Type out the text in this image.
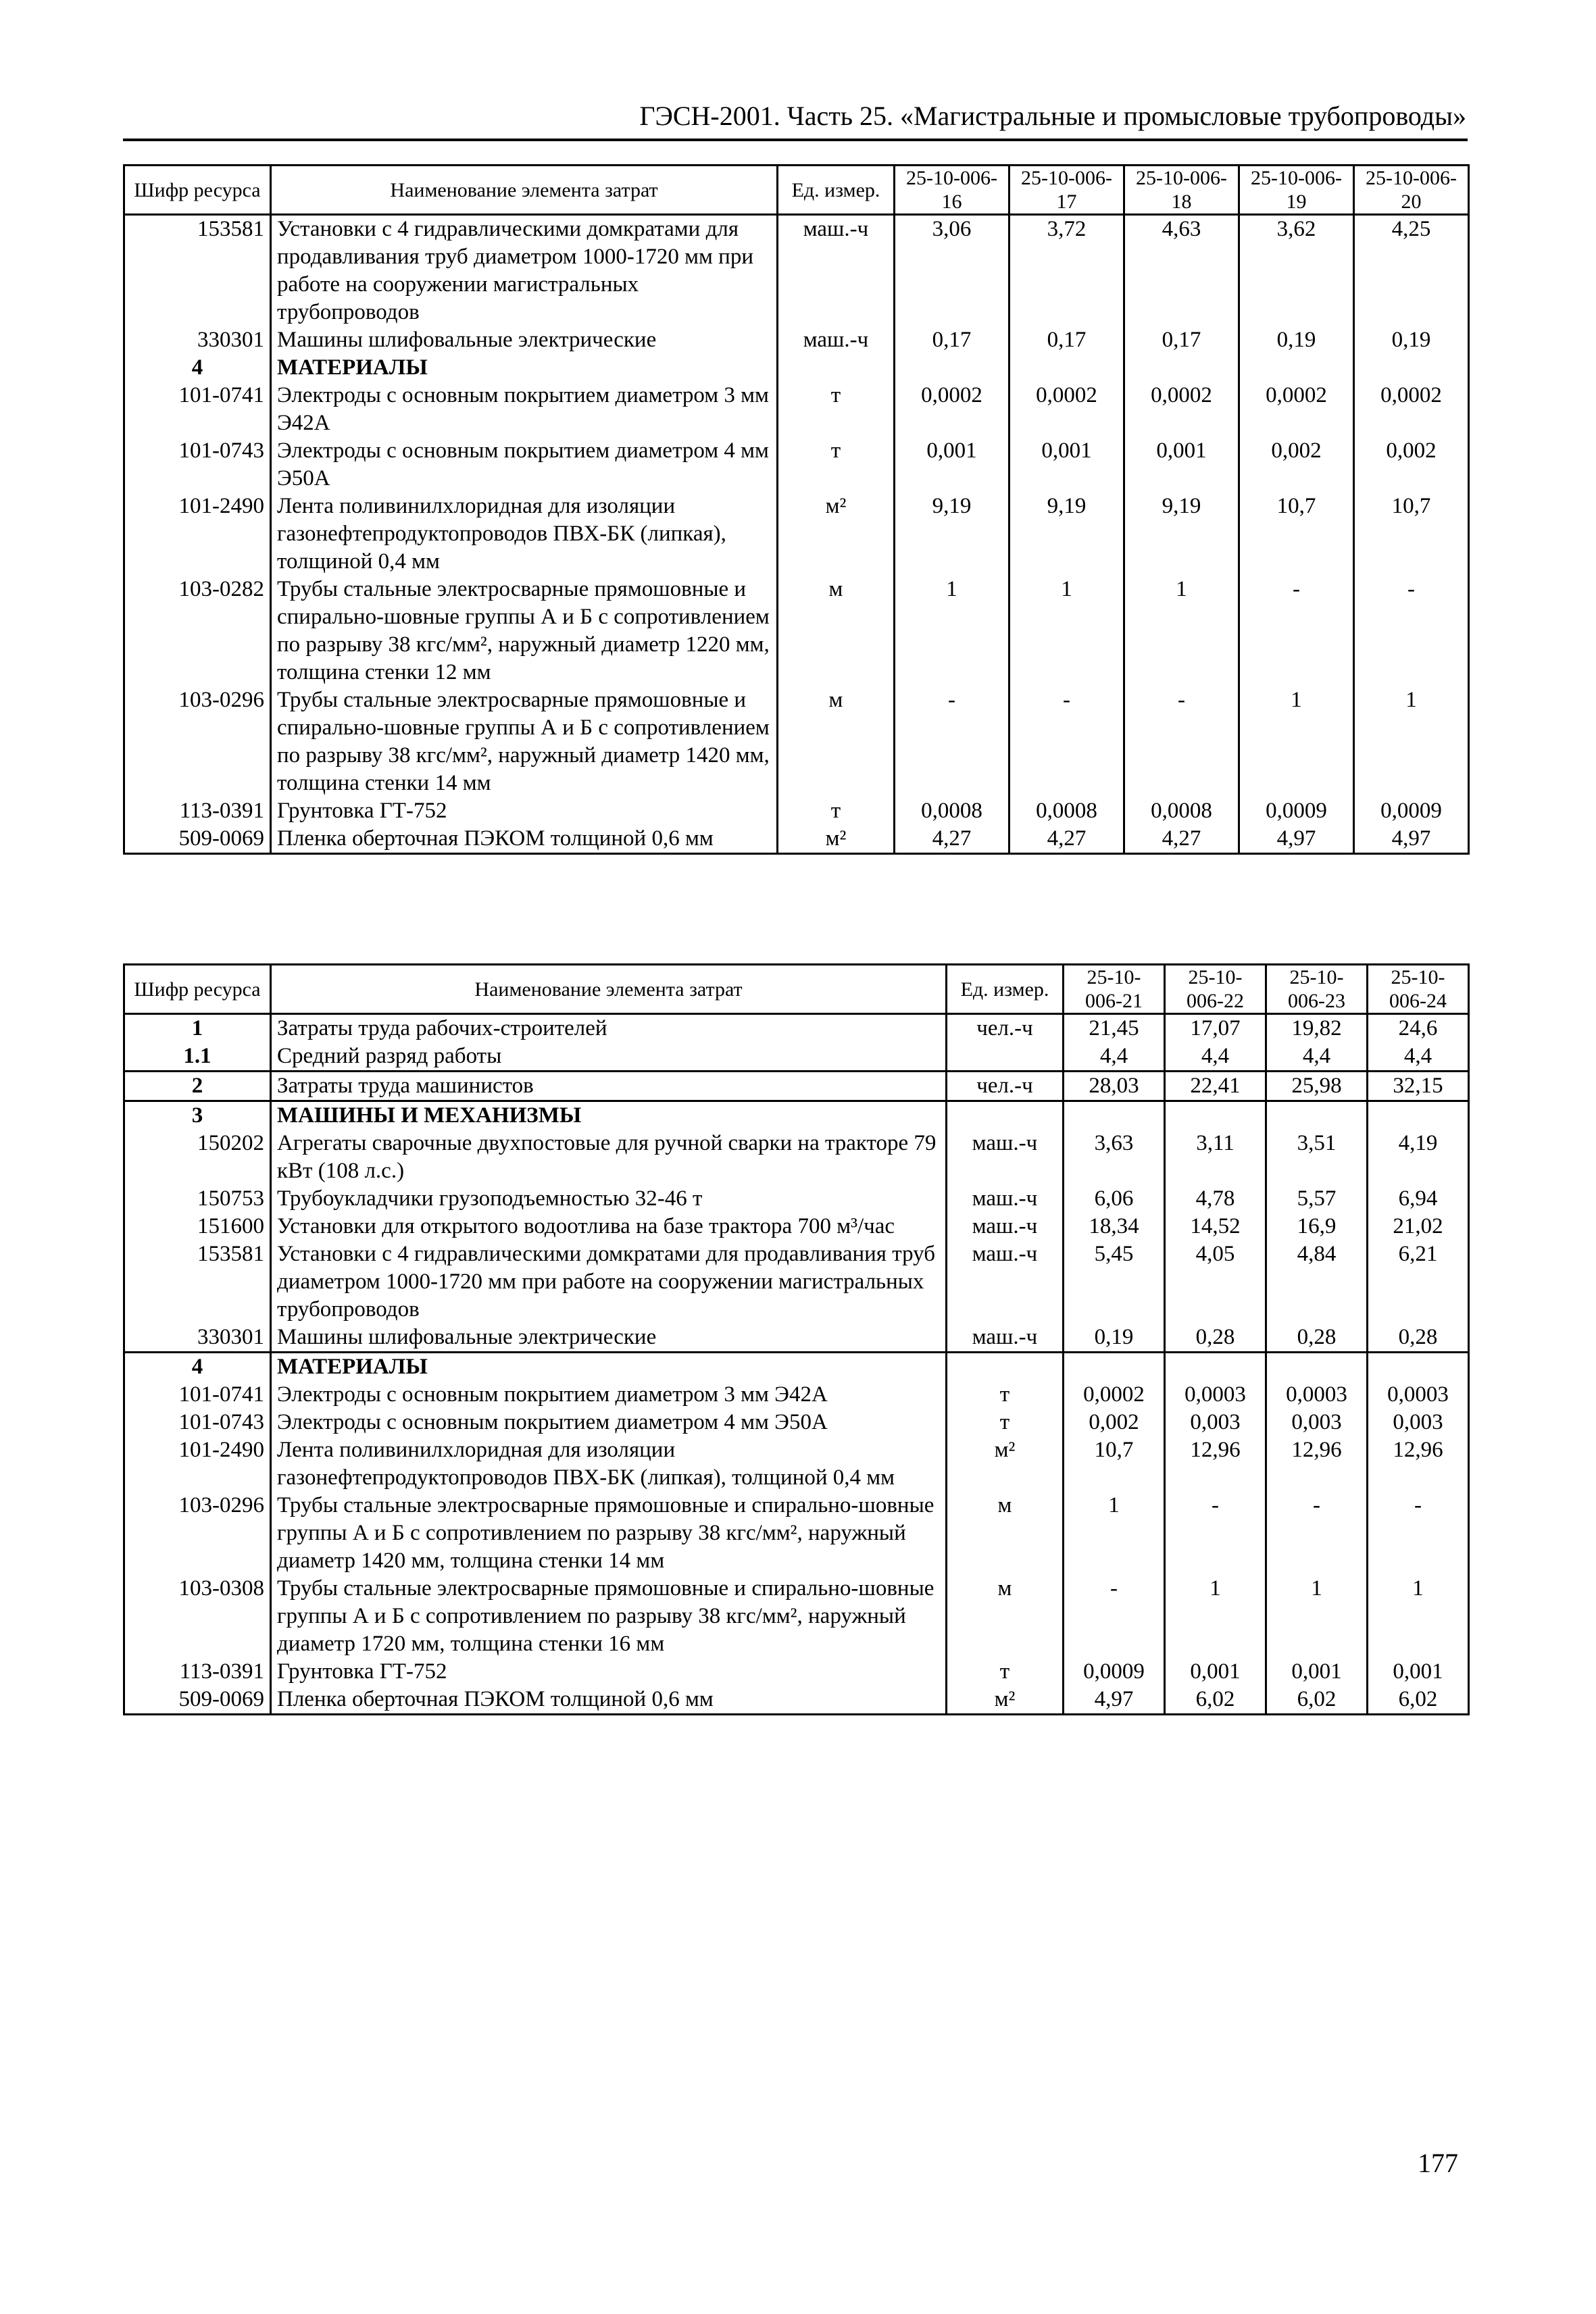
ГЭСН-2001. Часть 25. «Магистральные и промысловые трубопроводы»
Шифр ресурса	Наименование элемента затрат	Ед. измер.	25-10-006-16	25-10-006-17	25-10-006-18	25-10-006-19	25-10-006-20
153581	Установки с 4 гидравлическими домкратами для продавливания труб диаметром 1000-1720 мм при работе на сооружении магистральных трубопроводов	маш.-ч	3,06	3,72	4,63	3,62	4,25
330301	Машины шлифовальные электрические	маш.-ч	0,17	0,17	0,17	0,19	0,19
4	МАТЕРИАЛЫ						
101-0741	Электроды с основным покрытием диаметром 3 мм Э42А	т	0,0002	0,0002	0,0002	0,0002	0,0002
101-0743	Электроды с основным покрытием диаметром 4 мм Э50А	т	0,001	0,001	0,001	0,002	0,002
101-2490	Лента поливинилхлоридная для изоляции газонефтепродуктопроводов ПВХ-БК (липкая), толщиной 0,4 мм	м²	9,19	9,19	9,19	10,7	10,7
103-0282	Трубы стальные электросварные прямошовные и спирально-шовные группы А и Б с сопротивлением по разрыву 38 кгс/мм², наружный диаметр 1220 мм, толщина стенки 12 мм	м	1	1	1	-	-
103-0296	Трубы стальные электросварные прямошовные и спирально-шовные группы А и Б с сопротивлением по разрыву 38 кгс/мм², наружный диаметр 1420 мм, толщина стенки 14 мм	м	-	-	-	1	1
113-0391	Грунтовка ГТ-752	т	0,0008	0,0008	0,0008	0,0009	0,0009
509-0069	Пленка оберточная ПЭКОМ толщиной 0,6 мм	м²	4,27	4,27	4,27	4,97	4,97
Шифр ресурса	Наименование элемента затрат	Ед. измер.	25-10-006-21	25-10-006-22	25-10-006-23	25-10-006-24
1	Затраты труда рабочих-строителей	чел.-ч	21,45	17,07	19,82	24,6
1.1	Средний разряд работы		4,4	4,4	4,4	4,4
2	Затраты труда машинистов	чел.-ч	28,03	22,41	25,98	32,15
3	МАШИНЫ И МЕХАНИЗМЫ					
150202	Агрегаты сварочные двухпостовые для ручной сварки на тракторе 79 кВт (108 л.с.)	маш.-ч	3,63	3,11	3,51	4,19
150753	Трубоукладчики грузоподъемностью 32-46 т	маш.-ч	6,06	4,78	5,57	6,94
151600	Установки для открытого водоотлива на базе трактора 700 м³/час	маш.-ч	18,34	14,52	16,9	21,02
153581	Установки с 4 гидравлическими домкратами для продавливания труб диаметром 1000-1720 мм при работе на сооружении магистральных трубопроводов	маш.-ч	5,45	4,05	4,84	6,21
330301	Машины шлифовальные электрические	маш.-ч	0,19	0,28	0,28	0,28
4	МАТЕРИАЛЫ					
101-0741	Электроды с основным покрытием диаметром 3 мм Э42А	т	0,0002	0,0003	0,0003	0,0003
101-0743	Электроды с основным покрытием диаметром 4 мм Э50А	т	0,002	0,003	0,003	0,003
101-2490	Лента поливинилхлоридная для изоляции газонефтепродуктопроводов ПВХ-БК (липкая), толщиной 0,4 мм	м²	10,7	12,96	12,96	12,96
103-0296	Трубы стальные электросварные прямошовные и спирально-шовные группы А и Б с сопротивлением по разрыву 38 кгс/мм², наружный диаметр 1420 мм, толщина стенки 14 мм	м	1	-	-	-
103-0308	Трубы стальные электросварные прямошовные и спирально-шовные группы А и Б с сопротивлением по разрыву 38 кгс/мм², наружный диаметр 1720 мм, толщина стенки 16 мм	м	-	1	1	1
113-0391	Грунтовка ГТ-752	т	0,0009	0,001	0,001	0,001
509-0069	Пленка оберточная ПЭКОМ толщиной 0,6 мм	м²	4,97	6,02	6,02	6,02
177
